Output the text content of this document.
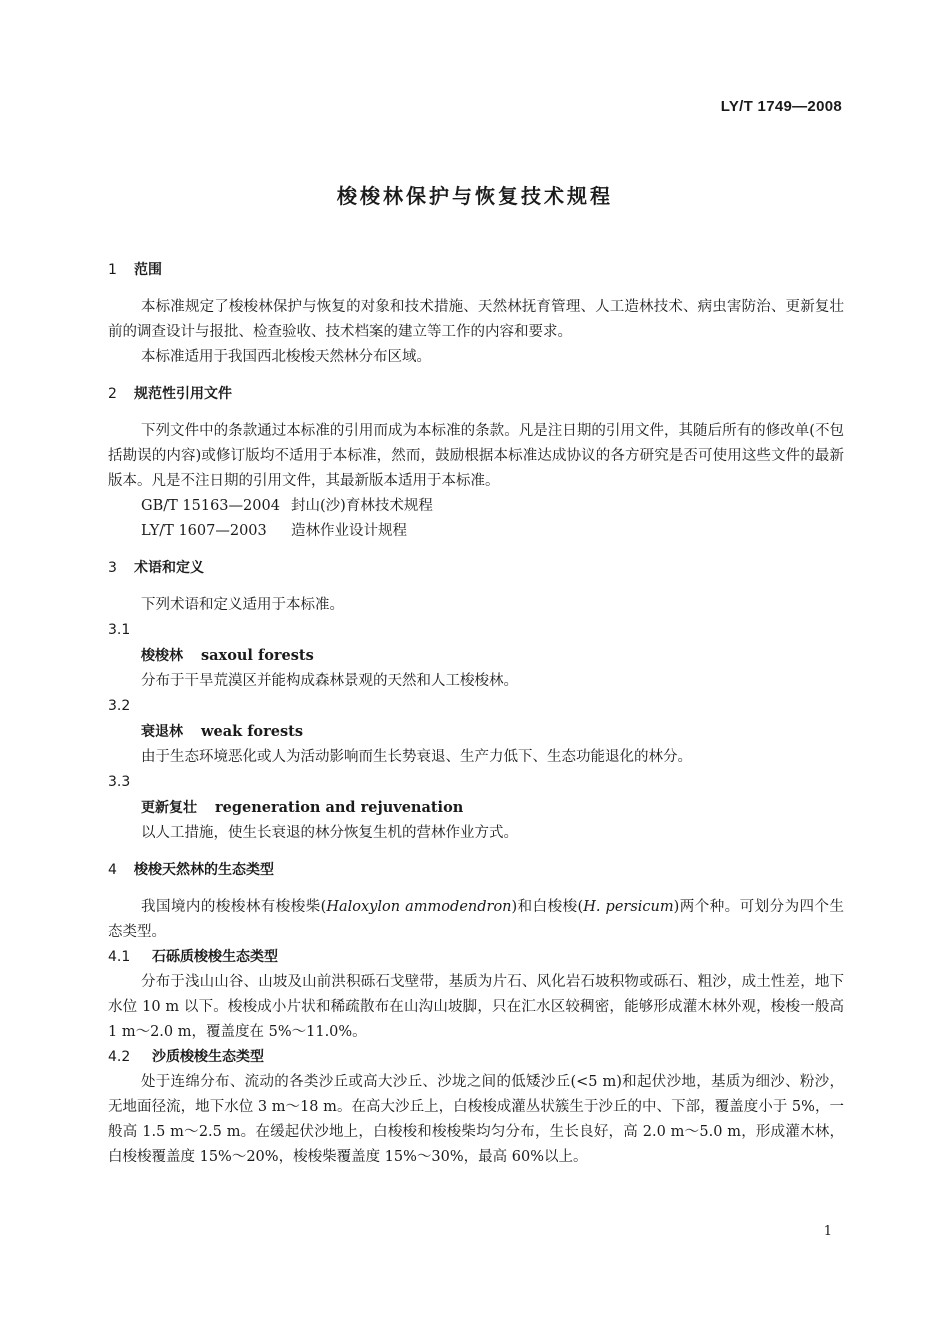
LY/T 1749—2008
梭梭林保护与恢复技术规程
1 范围

本标准规定了梭梭林保护与恢复的对象和技术措施、天然林抚育管理、人工造林技术、病虫害防治、更新复壮前的调查设计与报批、检查验收、技术档案的建立等工作的内容和要求。

本标准适用于我国西北梭梭天然林分布区域。

2 规范性引用文件

下列文件中的条款通过本标准的引用而成为本标准的条款。凡是注日期的引用文件，其随后所有的修改单(不包括勘误的内容)或修订版均不适用于本标准，然而，鼓励根据本标准达成协议的各方研究是否可使用这些文件的最新版本。凡是不注日期的引用文件，其最新版本适用于本标准。

GB/T 15163—2004 封山(沙)育林技术规程

LY/T 1607—2003 造林作业设计规程

3 术语和定义

下列术语和定义适用于本标准。

3.1

梭梭林 saxoul forests

分布于干旱荒漠区并能构成森林景观的天然和人工梭梭林。

3.2

衰退林 weak forests

由于生态环境恶化或人为活动影响而生长势衰退、生产力低下、生态功能退化的林分。

3.3

更新复壮 regeneration and rejuvenation

以人工措施，使生长衰退的林分恢复生机的营林作业方式。

4 梭梭天然林的生态类型

我国境内的梭梭林有梭梭柴(Haloxylon ammodendron)和白梭梭(H. persicum)两个种。可划分为四个生态类型。

4.1 石砾质梭梭生态类型

分布于浅山山谷、山坡及山前洪积砾石戈壁带，基质为片石、风化岩石坡积物或砾石、粗沙，成土性差，地下水位 10 m 以下。梭梭成小片状和稀疏散布在山沟山坡脚，只在汇水区较稠密，能够形成灌木林外观，梭梭一般高 1 m～2.0 m，覆盖度在 5%～11.0%。

4.2 沙质梭梭生态类型

处于连绵分布、流动的各类沙丘或高大沙丘、沙垅之间的低矮沙丘(<5 m)和起伏沙地，基质为细沙、粉沙，无地面径流，地下水位 3 m～18 m。在高大沙丘上，白梭梭成灌丛状簇生于沙丘的中、下部，覆盖度小于 5%，一般高 1.5 m～2.5 m。在缓起伏沙地上，白梭梭和梭梭柴均匀分布，生长良好，高 2.0 m～5.0 m，形成灌木林，白梭梭覆盖度 15%～20%，梭梭柴覆盖度 15%～30%，最高 60%以上。

1
